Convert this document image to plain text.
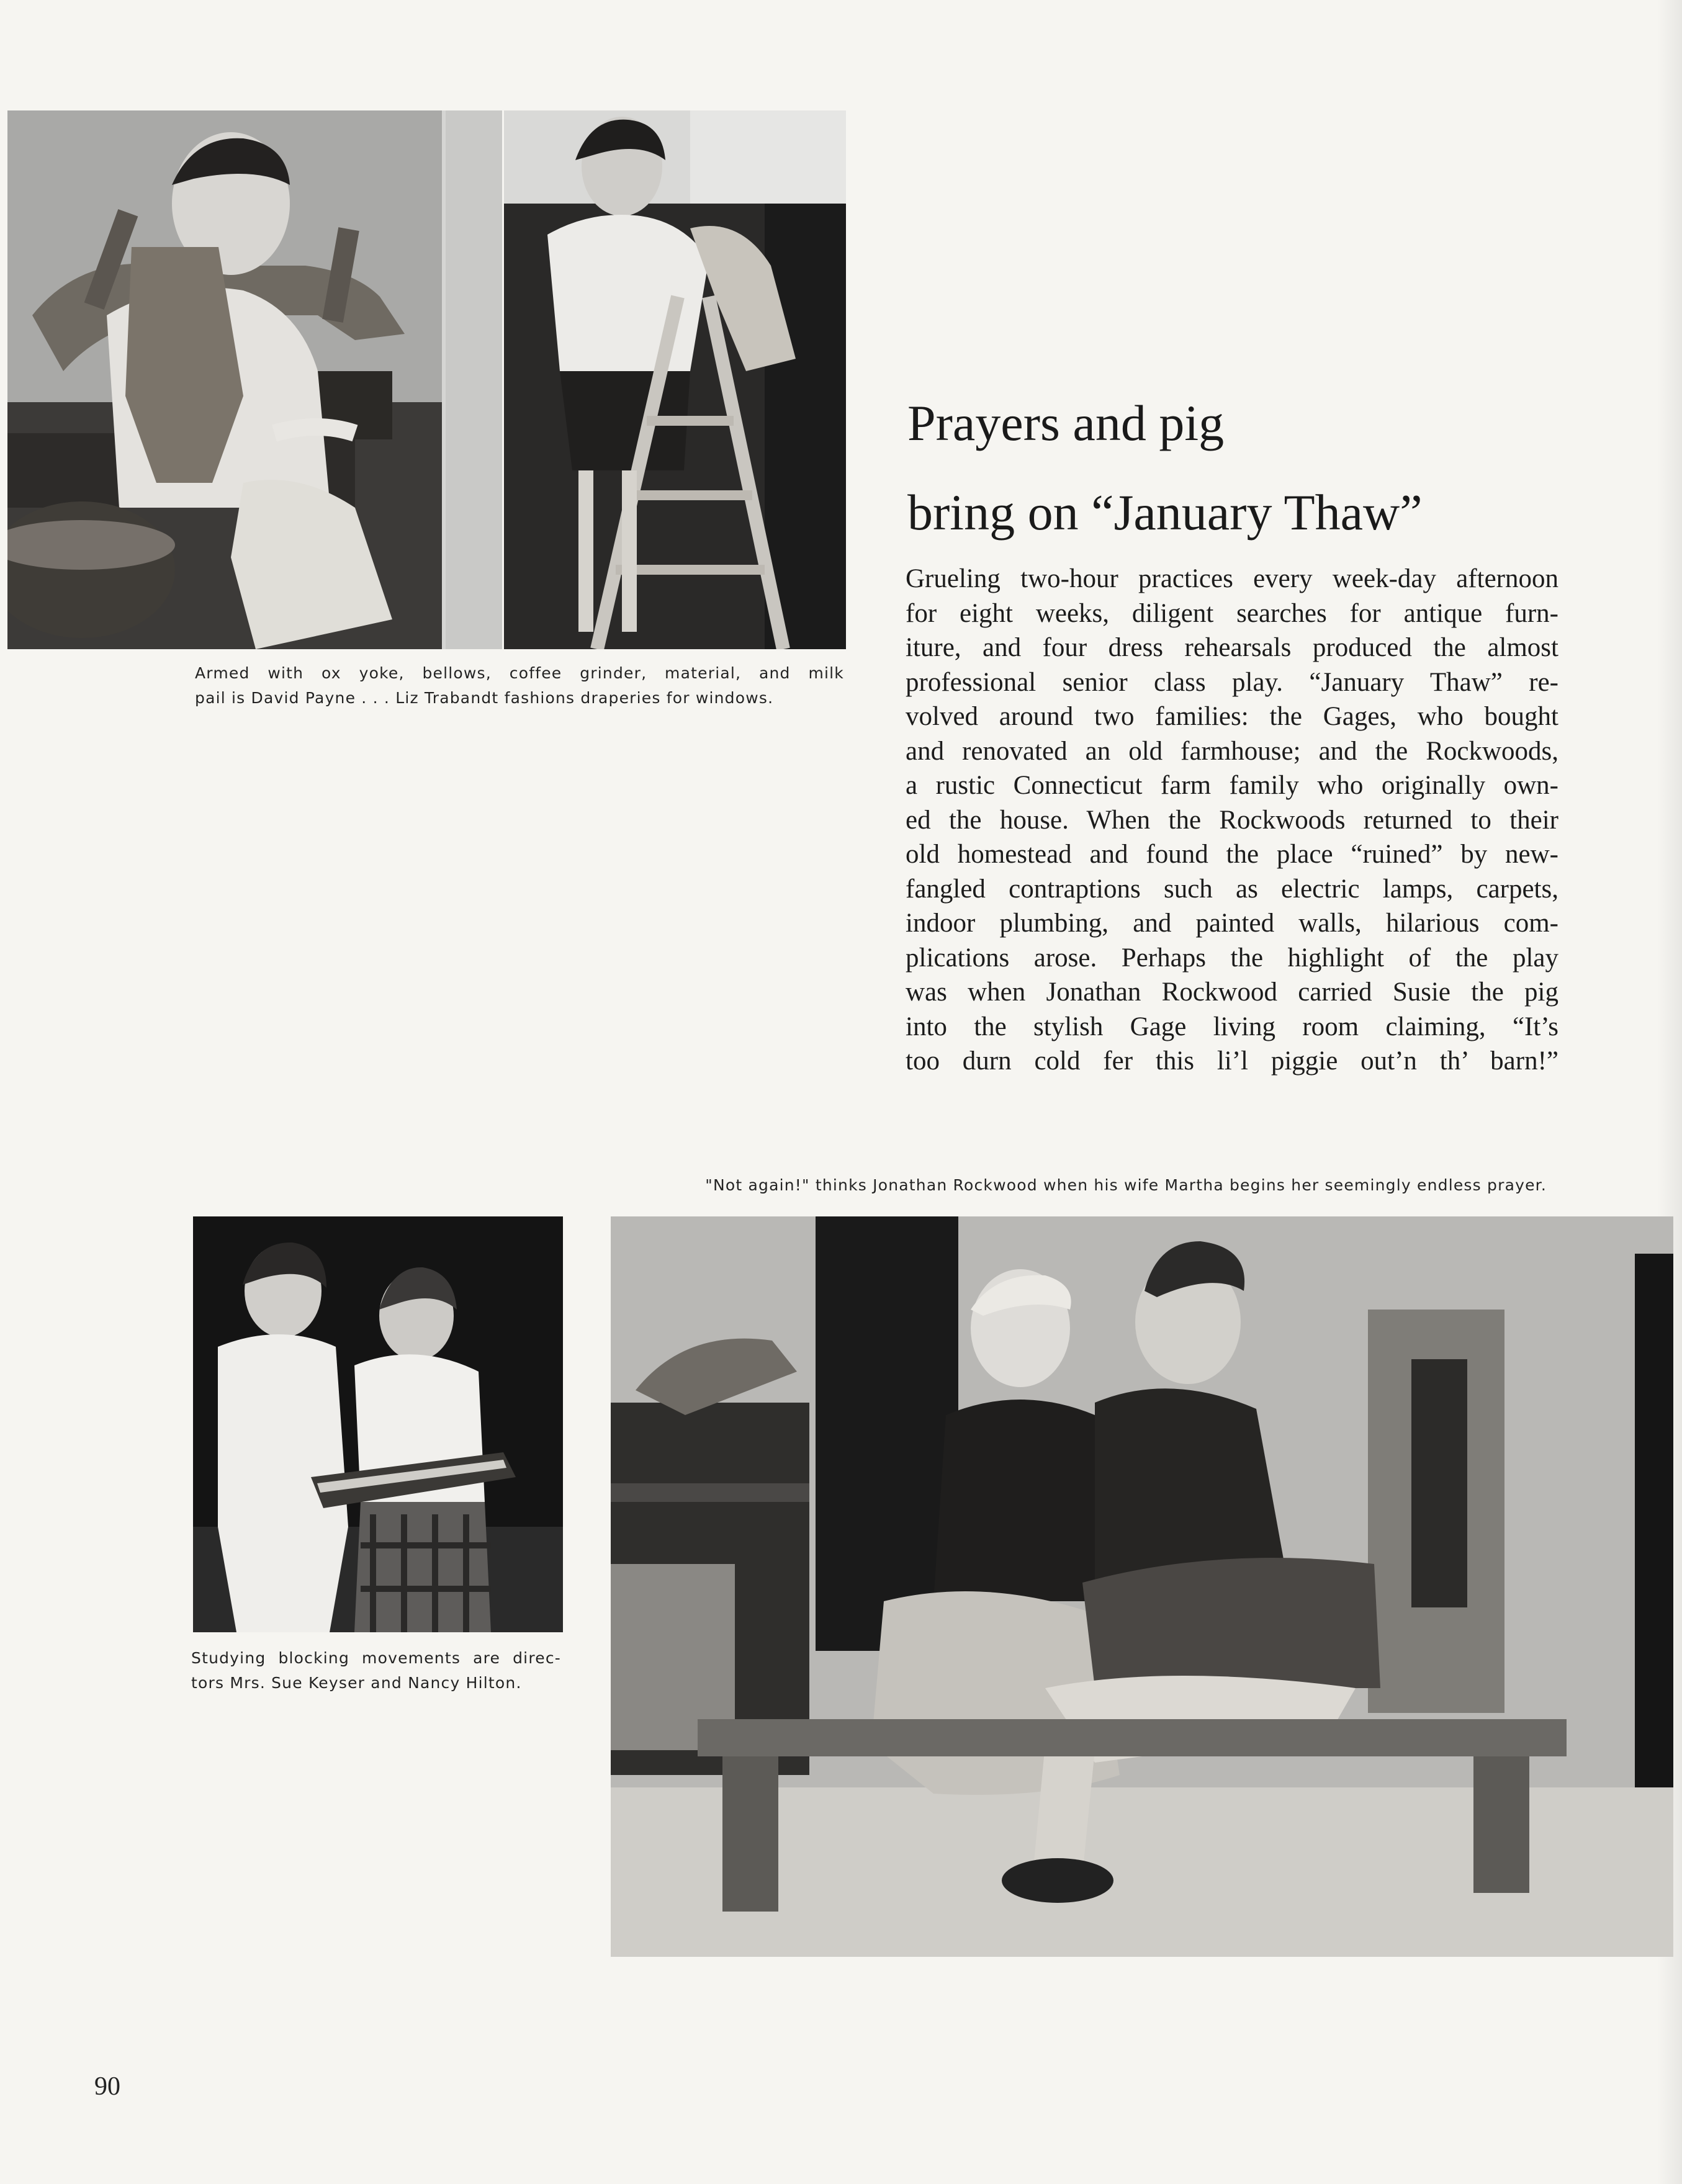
Armed with ox yoke, bellows, coffee grinder, material, and milk
pail is David Payne . . . Liz Trabandt fashions draperies for windows.
Prayers and pig
bring on “January Thaw”
Grueling two-hour practices every week-day afternoon
for eight weeks, diligent searches for antique furn-
iture, and four dress rehearsals produced the almost
professional senior class play. “January Thaw” re-
volved around two families: the Gages, who bought
and renovated an old farmhouse; and the Rockwoods,
a rustic Connecticut farm family who originally own-
ed the house. When the Rockwoods returned to their
old homestead and found the place “ruined” by new-
fangled contraptions such as electric lamps, carpets,
indoor plumbing, and painted walls, hilarious com-
plications arose. Perhaps the highlight of the play
was when Jonathan Rockwood carried Susie the pig
into the stylish Gage living room claiming, “It’s
too durn cold fer this li’l piggie out’n th’ barn!”
"Not again!" thinks Jonathan Rockwood when his wife Martha begins her seemingly endless prayer.
Studying blocking movements are direc-
tors Mrs. Sue Keyser and Nancy Hilton.
90
